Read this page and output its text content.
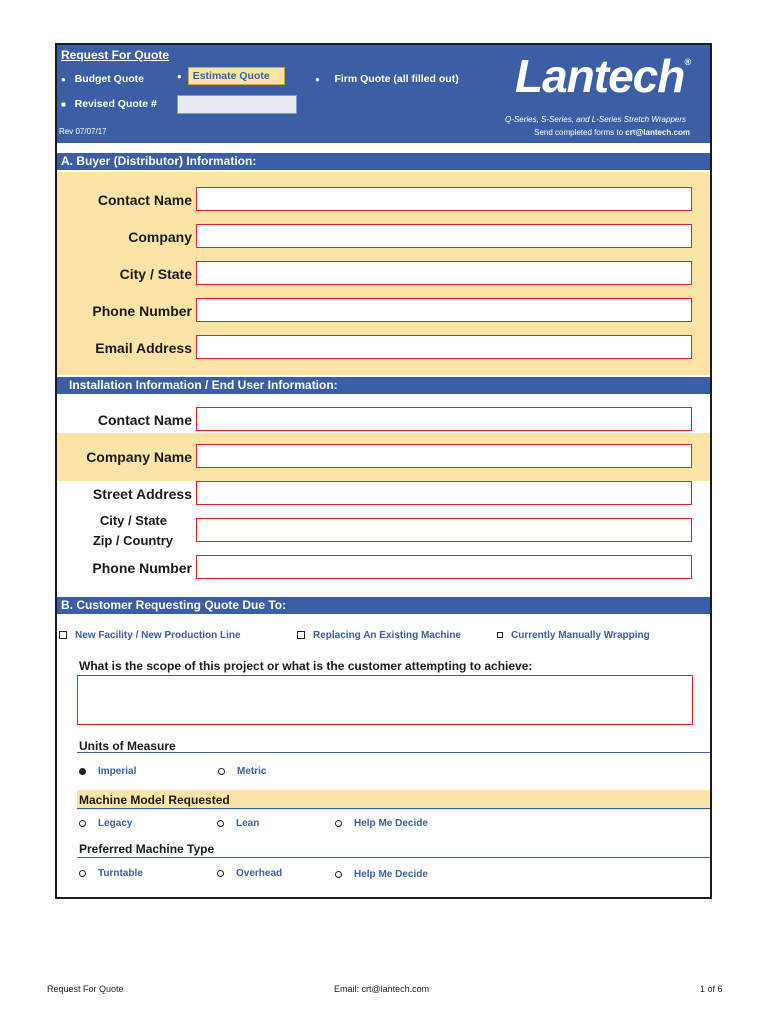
Request For Quote
● Budget Quote	● Estimate Quote	● Firm Quote (all filled out)
■ Revised Quote #
Rev 07/07/17
Lantech®
Q-Series, S-Series, and L-Series Stretch Wrappers
Send completed forms to crt@lantech.com
A. Buyer (Distributor) Information:
Contact Name
Company
City / State
Phone Number
Email Address
Installation Information / End User Information:
Contact Name
Company Name
Street Address
City / State
Zip / Country
Phone Number
B. Customer Requesting Quote Due To:
New Facility / New Production Line	Replacing An Existing Machine	Currently Manually Wrapping
What is the scope of this project or what is the customer attempting to achieve:
Units of Measure
Imperial	Metric
Machine Model Requested
Legacy	Lean	Help Me Decide
Preferred Machine Type
Turntable	Overhead	Help Me Decide
Request For Quote	Email: crt@lantech.com	1 of 6
